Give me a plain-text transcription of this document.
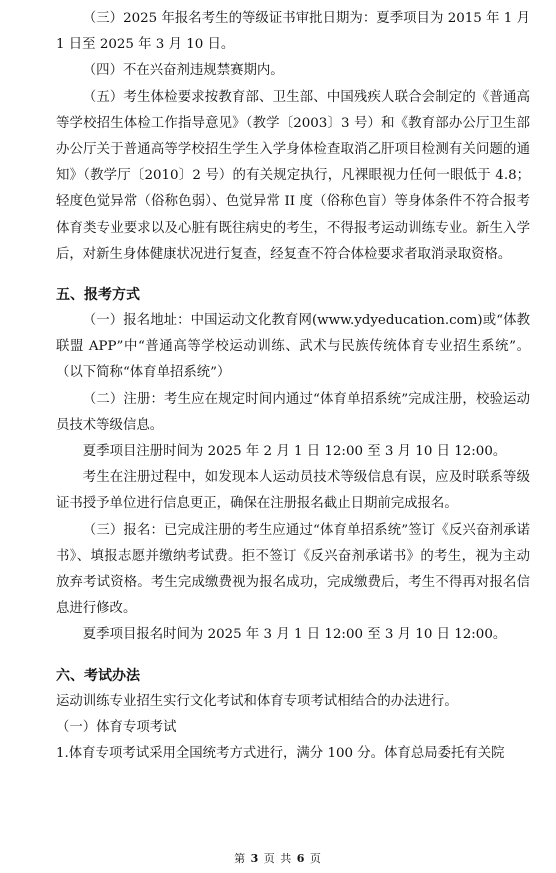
（三）2025 年报名考生的等级证书审批日期为：夏季项目为 2015 年 1 月 1 日至 2025 年 3 月 10 日。

（四）不在兴奋剂违规禁赛期内。

（五）考生体检要求按教育部、卫生部、中国残疾人联合会制定的《普通高等学校招生体检工作指导意见》（教学〔2003〕3 号）和《教育部办公厅卫生部办公厅关于普通高等学校招生学生入学身体检查取消乙肝项目检测有关问题的通知》（教学厅〔2010〕2 号）的有关规定执行，凡裸眼视力任何一眼低于 4.8；轻度色觉异常（俗称色弱）、色觉异常 II 度（俗称色盲）等身体条件不符合报考体育类专业要求以及心脏有既往病史的考生，不得报考运动训练专业。新生入学后，对新生身体健康状况进行复查，经复查不符合体检要求者取消录取资格。

五、报考方式

（一）报名地址：中国运动文化教育网(www.ydyeducation.com)或“体教联盟 APP”中“普通高等学校运动训练、武术与民族传统体育专业招生系统”。（以下简称“体育单招系统”）

（二）注册：考生应在规定时间内通过“体育单招系统”完成注册，校验运动员技术等级信息。

夏季项目注册时间为 2025 年 2 月 1 日 12:00 至 3 月 10 日 12:00。

考生在注册过程中，如发现本人运动员技术等级信息有误，应及时联系等级证书授予单位进行信息更正，确保在注册报名截止日期前完成报名。

（三）报名：已完成注册的考生应通过“体育单招系统”签订《反兴奋剂承诺书》、填报志愿并缴纳考试费。拒不签订《反兴奋剂承诺书》的考生，视为主动放弃考试资格。考生完成缴费视为报名成功，完成缴费后，考生不得再对报名信息进行修改。

夏季项目报名时间为 2025 年 3 月 1 日 12:00 至 3 月 10 日 12:00。

六、考试办法

运动训练专业招生实行文化考试和体育专项考试相结合的办法进行。

（一）体育专项考试

1.体育专项考试采用全国统考方式进行，满分 100 分。体育总局委托有关院

第 3 页 共 6 页
